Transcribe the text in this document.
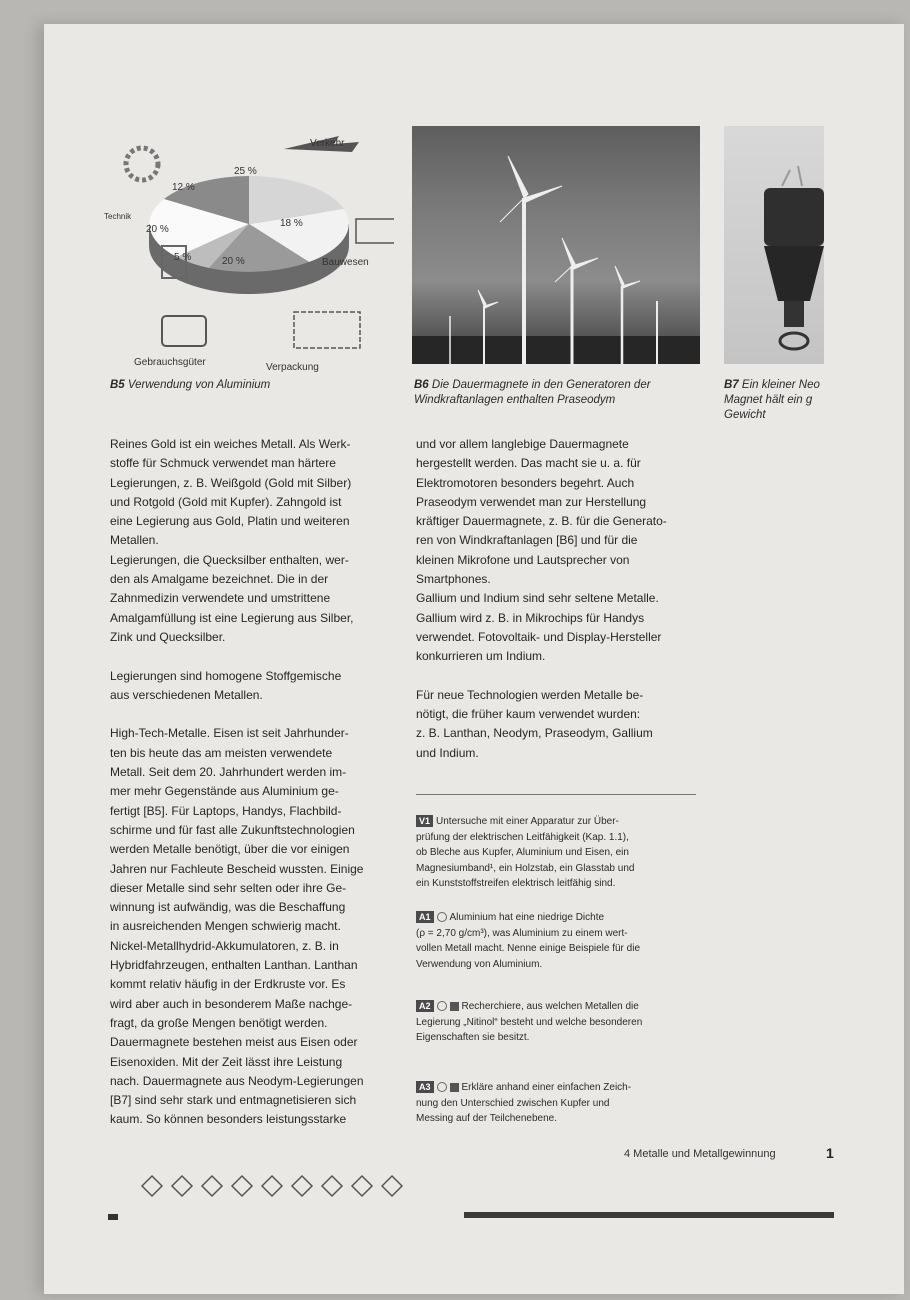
Verkehr
Technik
Bauwesen
Gebrauchsgüter	Verpackung
25 %
18 %
20 %
5 %
20 %
12 %
B5 Verwendung von Aluminium	B6 Die Dauermagnete in den Generatoren der
Windkraftanlagen enthalten Praseodym
B7 Ein kleiner Neo
Magnet hält ein g
Gewicht

Reines Gold ist ein weiches Metall. Als Werk-

stoffe für Schmuck verwendet man härtere

Legierungen, z. B. Weißgold (Gold mit Silber)

und Rotgold (Gold mit Kupfer). Zahngold ist

eine Legierung aus Gold, Platin und weiteren

Metallen.

Legierungen, die Quecksilber enthalten, wer-

den als Amalgame bezeichnet. Die in der

Zahnmedizin verwendete und umstrittene

Amalgamfüllung ist eine Legierung aus Silber,

Zink und Quecksilber.

Legierungen sind homogene Stoffgemische

aus verschiedenen Metallen.

High-Tech-Metalle. Eisen ist seit Jahrhunder-

ten bis heute das am meisten verwendete

Metall. Seit dem 20. Jahrhundert werden im-

mer mehr Gegenstände aus Aluminium ge-

fertigt [B5]. Für Laptops, Handys, Flachbild-

schirme und für fast alle Zukunftstechnologien

werden Metalle benötigt, über die vor einigen

Jahren nur Fachleute Bescheid wussten. Einige

dieser Metalle sind sehr selten oder ihre Ge-

winnung ist aufwändig, was die Beschaffung

in ausreichenden Mengen schwierig macht.

Nickel-Metallhydrid-Akkumulatoren, z. B. in

Hybridfahrzeugen, enthalten Lanthan. Lanthan

kommt relativ häufig in der Erdkruste vor. Es

wird aber auch in besonderem Maße nachge-

fragt, da große Mengen benötigt werden.

Dauermagnete bestehen meist aus Eisen oder

Eisenoxiden. Mit der Zeit lässt ihre Leistung

nach. Dauermagnete aus Neodym-Legierungen

[B7] sind sehr stark und entmagnetisieren sich

kaum. So können besonders leistungsstarke

und vor allem langlebige Dauermagnete

hergestellt werden. Das macht sie u. a. für

Elektromotoren besonders begehrt. Auch

Praseodym verwendet man zur Herstellung

kräftiger Dauermagnete, z. B. für die Generato-

ren von Windkraftanlagen [B6] und für die

kleinen Mikrofone und Lautsprecher von

Smartphones.

Gallium und Indium sind sehr seltene Metalle.

Gallium wird z. B. in Mikrochips für Handys

verwendet. Fotovoltaik- und Display-Hersteller

konkurrieren um Indium.

Für neue Technologien werden Metalle be-

nötigt, die früher kaum verwendet wurden:

z. B. Lanthan, Neodym, Praseodym, Gallium

und Indium.

V1 Untersuche mit einer Apparatur zur Über-
prüfung der elektrischen Leitfähigkeit (Kap. 1.1),
ob Bleche aus Kupfer, Aluminium und Eisen, ein
Magnesiumband¹, ein Holzstab, ein Glasstab und
ein Kunststoffstreifen elektrisch leitfähig sind.
A1 Aluminium hat eine niedrige Dichte
(ρ = 2,70 g/cm³), was Aluminium zu einem wert-
vollen Metall macht. Nenne einige Beispiele für die
Verwendung von Aluminium.
A2	Recherchiere, aus welchen Metallen die
Legierung „Nitinol“ besteht und welche besonderen
Eigenschaften sie besitzt.
A3	Erkläre anhand einer einfachen Zeich-
nung den Unterschied zwischen Kupfer und
Messing auf der Teilchenebene.
4 Metalle und Metallgewinnung	1
